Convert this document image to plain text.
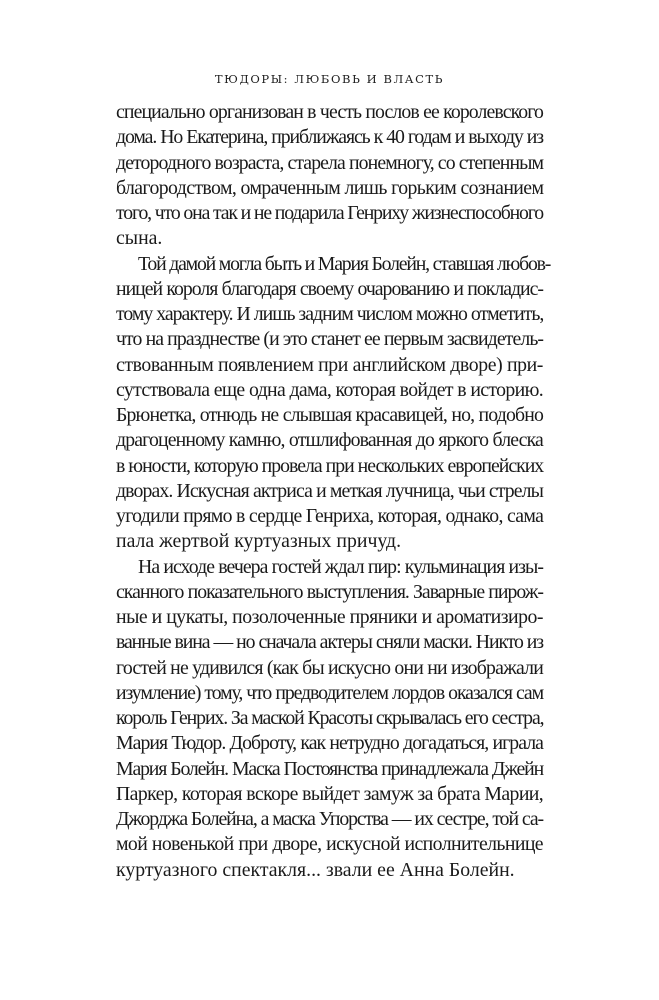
ТЮДОРЫ: ЛЮБОВЬ И ВЛАСТЬ
специально организован в честь послов ее королевского
дома. Но Екатерина, приближаясь к 40 годам и выходу из
детородного возраста, старела понемногу, со степенным
благородством, омраченным лишь горьким сознанием
того, что она так и не подарила Генриху жизнеспособного
сына.
Той дамой могла быть и Мария Болейн, ставшая любов-
ницей короля благодаря своему очарованию и покладис-
тому характеру. И лишь задним числом можно отметить,
что на празднестве (и это станет ее первым засвидетель-
ствованным появлением при английском дворе) при-
сутствовала еще одна дама, которая войдет в историю.
Брюнетка, отнюдь не слывшая красавицей, но, подобно
драгоценному камню, отшлифованная до яркого блеска
в юности, которую провела при нескольких европейских
дворах. Искусная актриса и меткая лучница, чьи стрелы
угодили прямо в сердце Генриха, которая, однако, сама
пала жертвой куртуазных причуд.
На исходе вечера гостей ждал пир: кульминация изы-
сканного показательного выступления. Заварные пирож-
ные и цукаты, позолоченные пряники и ароматизиро-
ванные вина — но сначала актеры сняли маски. Никто из
гостей не удивился (как бы искусно они ни изображали
изумление) тому, что предводителем лордов оказался сам
король Генрих. За маской Красоты скрывалась его сестра,
Мария Тюдор. Доброту, как нетрудно догадаться, играла
Мария Болейн. Маска Постоянства принадлежала Джейн
Паркер, которая вскоре выйдет замуж за брата Марии,
Джорджа Болейна, а маска Упорства — их сестре, той са-
мой новенькой при дворе, искусной исполнительнице
куртуазного спектакля... звали ее Анна Болейн.
